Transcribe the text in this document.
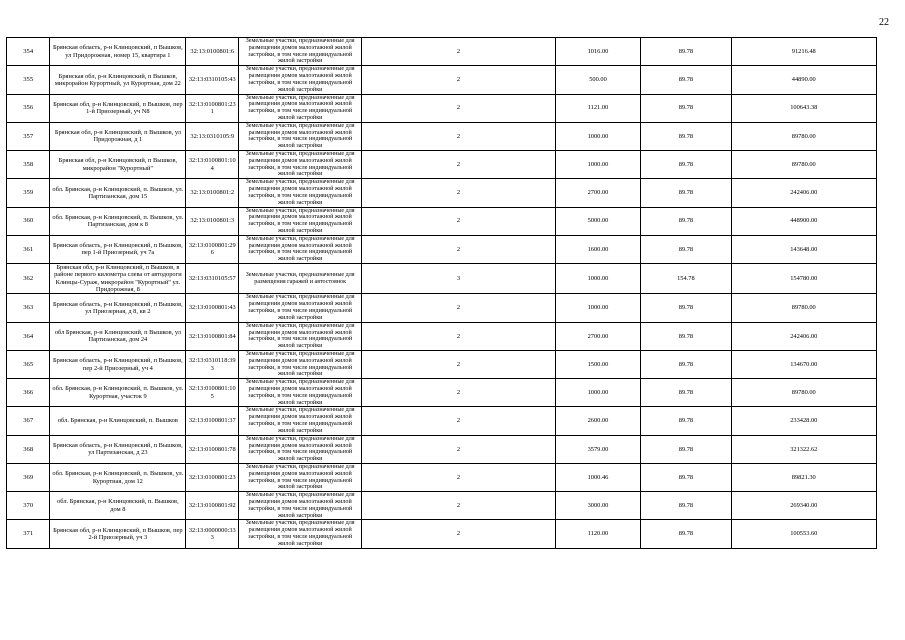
22
354	Брянская область, р-н Клинцовский, п Вышков, ул Придорожная, номер 15, квартира 1	32:13:0100801:6	Земельные участки, предназначенные для размещения домов малоэтажной жилой застройки, в том числе индивидуальной жилой застройки	2	1016.00	89.78	91216.48
355	Брянская обл, р-н Клинцовский, п Вышков, микрорайон Курортный, ул Курортная, дом 22	32:13:0310105:43	Земельные участки, предназначенные для размещения домов малоэтажной жилой застройки, в том числе индивидуальной жилой застройки	2	500.00	89.78	44890.00
356	Брянская обл, р-н Клинцовский, п Вышков, пер 1-й Приозерный, уч N8	32:13:0100801:231	Земельные участки, предназначенные для размещения домов малоэтажной жилой застройки, в том числе индивидуальной жилой застройки	2	1121.00	89.78	100643.38
357	Брянская обл, р-н Клинцовский, п Вышков, ул Придорожная, д 1	32:13:0310105:9	Земельные участки, предназначенные для размещения домов малоэтажной жилой застройки, в том числе индивидуальной жилой застройки	2	1000.00	89.78	89780.00
358	Брянская обл, р-н Клинцовский, п Вышков, микрорайон "Курортный"	32:13:0100801:104	Земельные участки, предназначенные для размещения домов малоэтажной жилой застройки, в том числе индивидуальной жилой застройки	2	1000.00	89.78	89780.00
359	обл. Брянская, р-н Клинцовский, п. Вышков, ул. Партизанская, дом 15	32:13:0100801:2	Земельные участки, предназначенные для размещения домов малоэтажной жилой застройки, в том числе индивидуальной жилой застройки	2	2700.00	89.78	242406.00
360	обл. Брянская, р-н Клинцовский, п. Вышков, ул. Партизанская, дом к 8	32:13:0100801:3	Земельные участки, предназначенные для размещения домов малоэтажной жилой застройки, в том числе индивидуальной жилой застройки	2	5000.00	89.78	448900.00
361	Брянская область, р-н Клинцовский, п Вышков, пер 1-й Приозерный, уч 7а	32:13:0100801:296	Земельные участки, предназначенные для размещения домов малоэтажной жилой застройки, в том числе индивидуальной жилой застройки	2	1600.00	89.78	143648.00
362	Брянская обл, р-н Клинцовский, п Вышков, в районе первого километра слева от автодороги Клинцы-Сураж, микрорайон "Курортный" ул. Придорожная, 8	32:13:0310105:57	Земельные участки, предназначенные для размещения гаражей и автостоянок	3	1000.00	154.78	154780.00
363	Брянская область, р-н Клинцовский, п Вышков, ул Приозерная, д 8, кв 2	32:13:0100801:43	Земельные участки, предназначенные для размещения домов малоэтажной жилой застройки, в том числе индивидуальной жилой застройки	2	1000.00	89.78	89780.00
364	обл Брянская, р-н Клинцовский, п Вышков, ул Партизанская, дом 24	32:13:0100801:84	Земельные участки, предназначенные для размещения домов малоэтажной жилой застройки, в том числе индивидуальной жилой застройки	2	2700.00	89.78	242406.00
365	Брянская область, р-н Клинцовский, п Вышков, пер 2-й Приозерный, уч 4	32:13:0310118:393	Земельные участки, предназначенные для размещения домов малоэтажной жилой застройки, в том числе индивидуальной жилой застройки	2	1500.00	89.78	134670.00
366	обл. Брянская, р-н Клинцовский, п. Вышков, ул. Курортная, участок 9	32:13:0100801:105	Земельные участки, предназначенные для размещения домов малоэтажной жилой застройки, в том числе индивидуальной жилой застройки	2	1000.00	89.78	89780.00
367	обл. Брянская, р-н Клинцовский, п. Вышков	32:13:0100801:37	Земельные участки, предназначенные для размещения домов малоэтажной жилой застройки, в том числе индивидуальной жилой застройки	2	2600.00	89.78	233428.00
368	Брянская область, р-н Клинцовский, п Вышков, ул Партизанская, д 23	32:13:0100801:78	Земельные участки, предназначенные для размещения домов малоэтажной жилой застройки, в том числе индивидуальной жилой застройки	2	3579.00	89.78	321322.62
369	обл. Брянская, р-н Клинцовский, п. Вышков, ул. Курортная, дом 12	32:13:0100801:23	Земельные участки, предназначенные для размещения домов малоэтажной жилой застройки, в том числе индивидуальной жилой застройки	2	1000.46	89.78	89821.30
370	обл. Брянская, р-н Клинцовский, п. Вышков, дом 8	32:13:0100801:92	Земельные участки, предназначенные для размещения домов малоэтажной жилой застройки, в том числе индивидуальной жилой застройки	2	3000.00	89.78	269340.00
371	Брянская обл, р-н Клинцовский, п Вышков, пер 2-й Приозерный, уч 3	32:13:0000000:333	Земельные участки, предназначенные для размещения домов малоэтажной жилой застройки, в том числе индивидуальной жилой застройки	2	1120.00	89.78	100553.60
